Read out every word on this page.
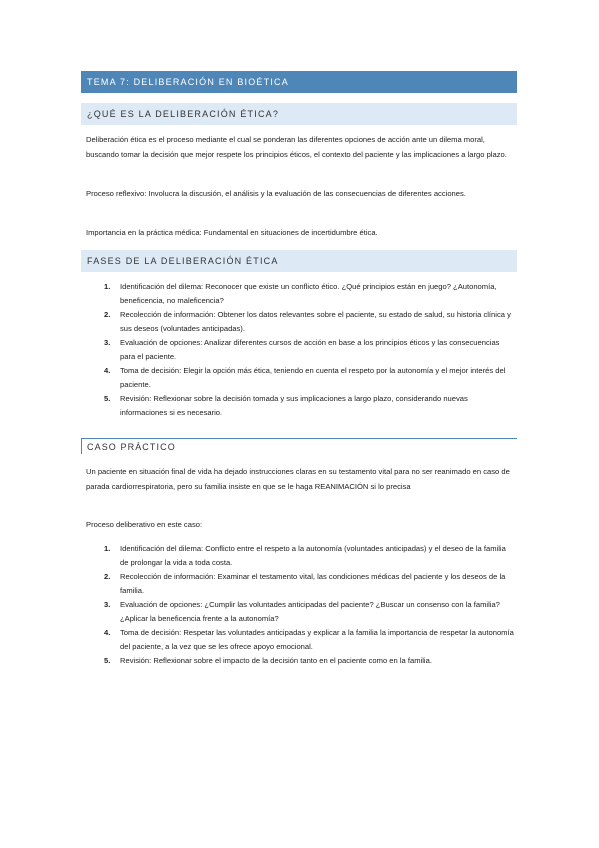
TEMA 7: DELIBERACIÓN EN BIOÉTICA
¿QUÉ ES LA DELIBERACIÓN ÉTICA?

Deliberación ética es el proceso mediante el cual se ponderan las diferentes opciones de acción ante un dilema moral, buscando tomar la decisión que mejor respete los principios éticos, el contexto del paciente y las implicaciones a largo plazo.

Proceso reflexivo: Involucra la discusión, el análisis y la evaluación de las consecuencias de diferentes acciones.

Importancia en la práctica médica: Fundamental en situaciones de incertidumbre ética.

FASES DE LA DELIBERACIÓN ÉTICA
1. Identificación del dilema: Reconocer que existe un conflicto ético. ¿Qué principios están en juego? ¿Autonomía, beneficencia, no maleficencia?
2. Recolección de información: Obtener los datos relevantes sobre el paciente, su estado de salud, su historia clínica y sus deseos (voluntades anticipadas).
3. Evaluación de opciones: Analizar diferentes cursos de acción en base a los principios éticos y las consecuencias para el paciente.
4. Toma de decisión: Elegir la opción más ética, teniendo en cuenta el respeto por la autonomía y el mejor interés del paciente.
5. Revisión: Reflexionar sobre la decisión tomada y sus implicaciones a largo plazo, considerando nuevas informaciones si es necesario.
CASO PRÁCTICO

Un paciente en situación final de vida ha dejado instrucciones claras en su testamento vital para no ser reanimado en caso de parada cardiorrespiratoria, pero su familia insiste en que se le haga REANIMACIÓN si lo precisa

Proceso deliberativo en este caso:

1. Identificación del dilema: Conflicto entre el respeto a la autonomía (voluntades anticipadas) y el deseo de la familia de prolongar la vida a toda costa.
2. Recolección de información: Examinar el testamento vital, las condiciones médicas del paciente y los deseos de la familia.
3. Evaluación de opciones: ¿Cumplir las voluntades anticipadas del paciente? ¿Buscar un consenso con la familia? ¿Aplicar la beneficencia frente a la autonomía?
4. Toma de decisión: Respetar las voluntades anticipadas y explicar a la familia la importancia de respetar la autonomía del paciente, a la vez que se les ofrece apoyo emocional.
5. Revisión: Reflexionar sobre el impacto de la decisión tanto en el paciente como en la familia.
